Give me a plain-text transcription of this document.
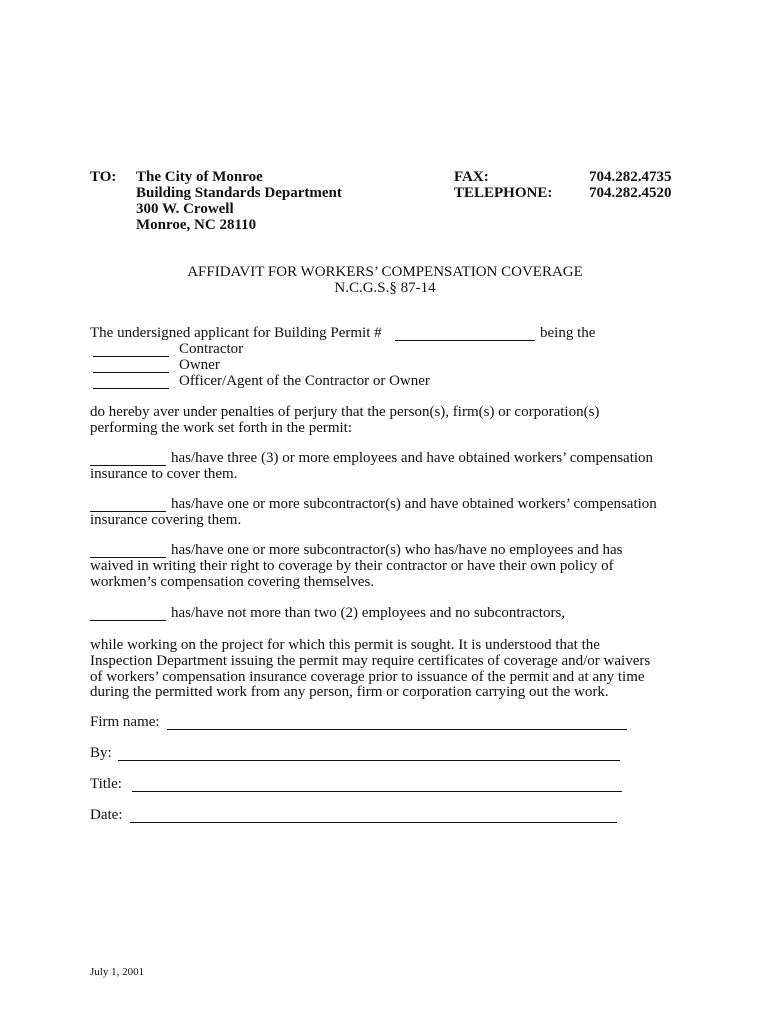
TO: The City of Monroe
Building Standards Department
300 W. Crowell
Monroe, NC 28110
FAX:	704.282.4735
TELEPHONE: 704.282.4520
AFFIDAVIT FOR WORKERS’ COMPENSATION COVERAGE
N.C.G.S.§ 87-14
The undersigned applicant for Building Permit #	being the
Contractor
Owner
Officer/Agent of the Contractor or Owner
do hereby aver under penalties of perjury that the person(s), firm(s) or corporation(s)
performing the work set forth in the permit:
has/have three (3) or more employees and have obtained workers’ compensation
insurance to cover them.
has/have one or more subcontractor(s) and have obtained workers’ compensation
insurance covering them.
has/have one or more subcontractor(s) who has/have no employees and has
waived in writing their right to coverage by their contractor or have their own policy of
workmen’s compensation covering themselves.
has/have not more than two (2) employees and no subcontractors,
while working on the project for which this permit is sought. It is understood that the
Inspection Department issuing the permit may require certificates of coverage and/or waivers
of workers’ compensation insurance coverage prior to issuance of the permit and at any time
during the permitted work from any person, firm or corporation carrying out the work.
Firm name:
By:
Title:
Date:
July 1, 2001
